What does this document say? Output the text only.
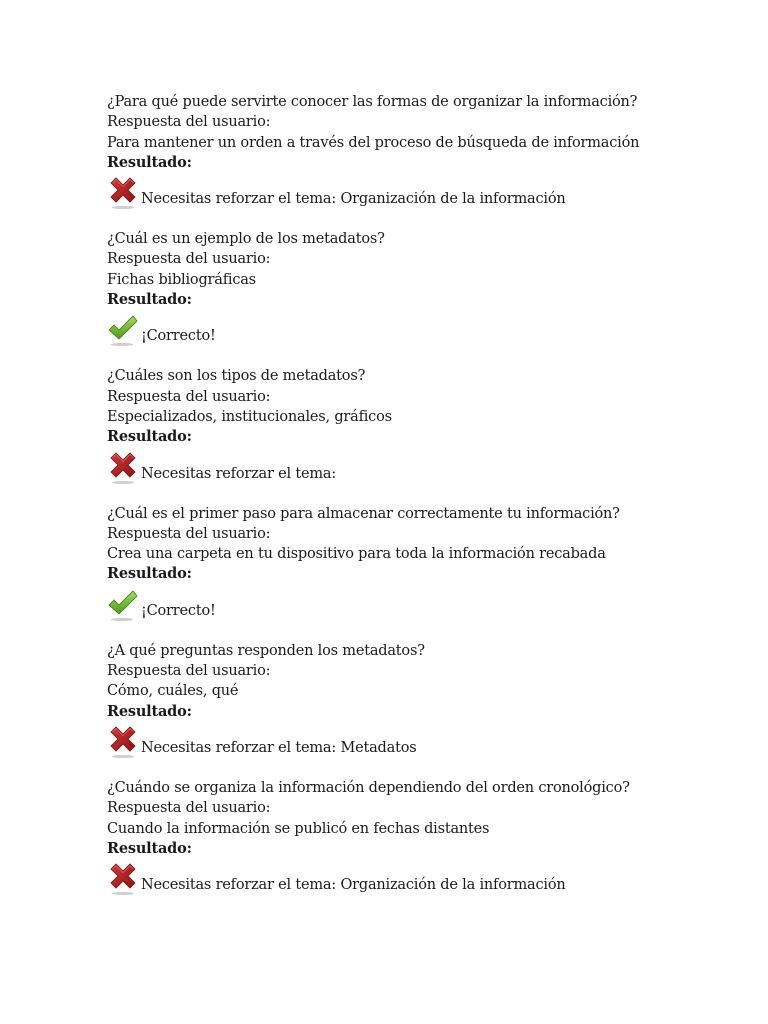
¿Para qué puede servirte conocer las formas de organizar la información?
Respuesta del usuario:
Para mantener un orden a través del proceso de búsqueda de información
Resultado:
Necesitas reforzar el tema: Organización de la información
¿Cuál es un ejemplo de los metadatos?
Respuesta del usuario:
Fichas bibliográficas
Resultado:
¡Correcto!
¿Cuáles son los tipos de metadatos?
Respuesta del usuario:
Especializados, institucionales, gráficos
Resultado:
Necesitas reforzar el tema:
¿Cuál es el primer paso para almacenar correctamente tu información?
Respuesta del usuario:
Crea una carpeta en tu dispositivo para toda la información recabada
Resultado:
¡Correcto!
¿A qué preguntas responden los metadatos?
Respuesta del usuario:
Cómo, cuáles, qué
Resultado:
Necesitas reforzar el tema: Metadatos
¿Cuándo se organiza la información dependiendo del orden cronológico?
Respuesta del usuario:
Cuando la información se publicó en fechas distantes
Resultado:
Necesitas reforzar el tema: Organización de la información
